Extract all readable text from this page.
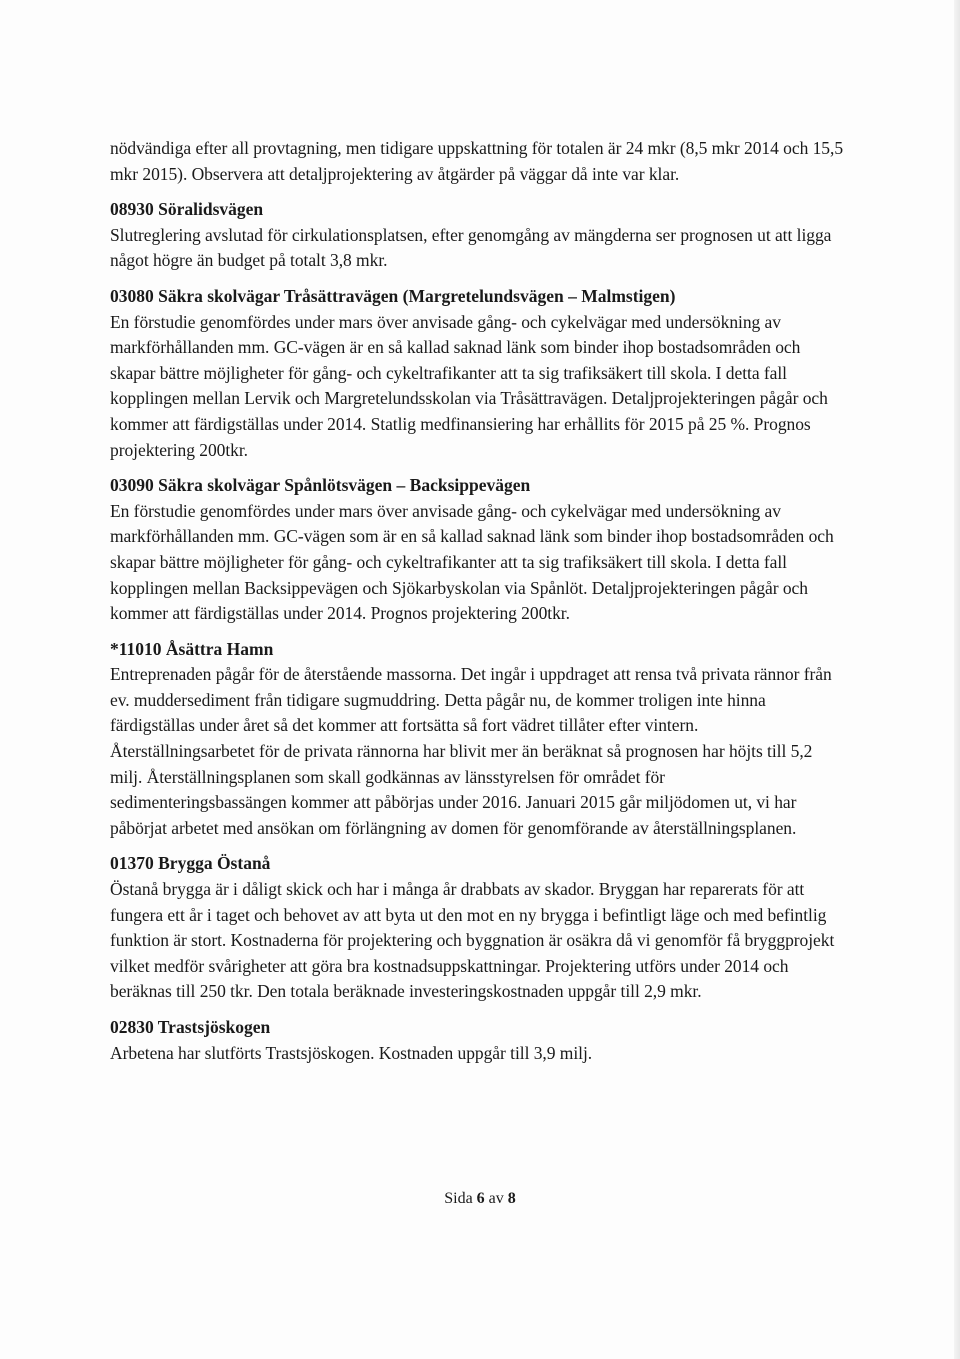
nödvändiga efter all provtagning, men tidigare uppskattning för totalen är 24 mkr (8,5 mkr 2014 och 15,5 mkr 2015). Observera att detaljprojektering av åtgärder på väggar då inte var klar.

08930 Söralidsvägen

Slutreglering avslutad för cirkulationsplatsen, efter genomgång av mängderna ser prognosen ut att ligga något högre än budget på totalt 3,8 mkr.

03080 Säkra skolvägar Tråsättravägen (Margretelundsvägen – Malmstigen)

En förstudie genomfördes under mars över anvisade gång- och cykelvägar med undersökning av markförhållanden mm. GC-vägen är en så kallad saknad länk som binder ihop bostadsområden och skapar bättre möjligheter för gång- och cykeltrafikanter att ta sig trafiksäkert till skola. I detta fall kopplingen mellan Lervik och Margretelundsskolan via Tråsättravägen. Detaljprojekteringen pågår och kommer att färdigställas under 2014. Statlig medfinansiering har erhållits för 2015 på 25 %. Prognos projektering 200tkr.

03090 Säkra skolvägar Spånlötsvägen – Backsippevägen

En förstudie genomfördes under mars över anvisade gång- och cykelvägar med undersökning av markförhållanden mm. GC-vägen som är en så kallad saknad länk som binder ihop bostadsområden och skapar bättre möjligheter för gång- och cykeltrafikanter att ta sig trafiksäkert till skola. I detta fall kopplingen mellan Backsippevägen och Sjökarbyskolan via Spånlöt. Detaljprojekteringen pågår och kommer att färdigställas under 2014. Prognos projektering 200tkr.

*11010 Åsättra Hamn

Entreprenaden pågår för de återstående massorna. Det ingår i uppdraget att rensa två privata rännor från ev. muddersediment från tidigare sugmuddring. Detta pågår nu, de kommer troligen inte hinna färdigställas under året så det kommer att fortsätta så fort vädret tillåter efter vintern. Återställningsarbetet för de privata rännorna har blivit mer än beräknat så prognosen har höjts till 5,2 milj. Återställningsplanen som skall godkännas av länsstyrelsen för området för sedimenteringsbassängen kommer att påbörjas under 2016. Januari 2015 går miljödomen ut, vi har påbörjat arbetet med ansökan om förlängning av domen för genomförande av återställningsplanen.

01370 Brygga Östanå

Östanå brygga är i dåligt skick och har i många år drabbats av skador. Bryggan har reparerats för att fungera ett år i taget och behovet av att byta ut den mot en ny brygga i befintligt läge och med befintlig funktion är stort. Kostnaderna för projektering och byggnation är osäkra då vi genomför få bryggprojekt vilket medför svårigheter att göra bra kostnadsuppskattningar. Projektering utförs under 2014 och beräknas till 250 tkr. Den totala beräknade investeringskostnaden uppgår till 2,9 mkr.

02830 Trastsjöskogen

Arbetena har slutförts Trastsjöskogen. Kostnaden uppgår till 3,9 milj.

Sida 6 av 8
